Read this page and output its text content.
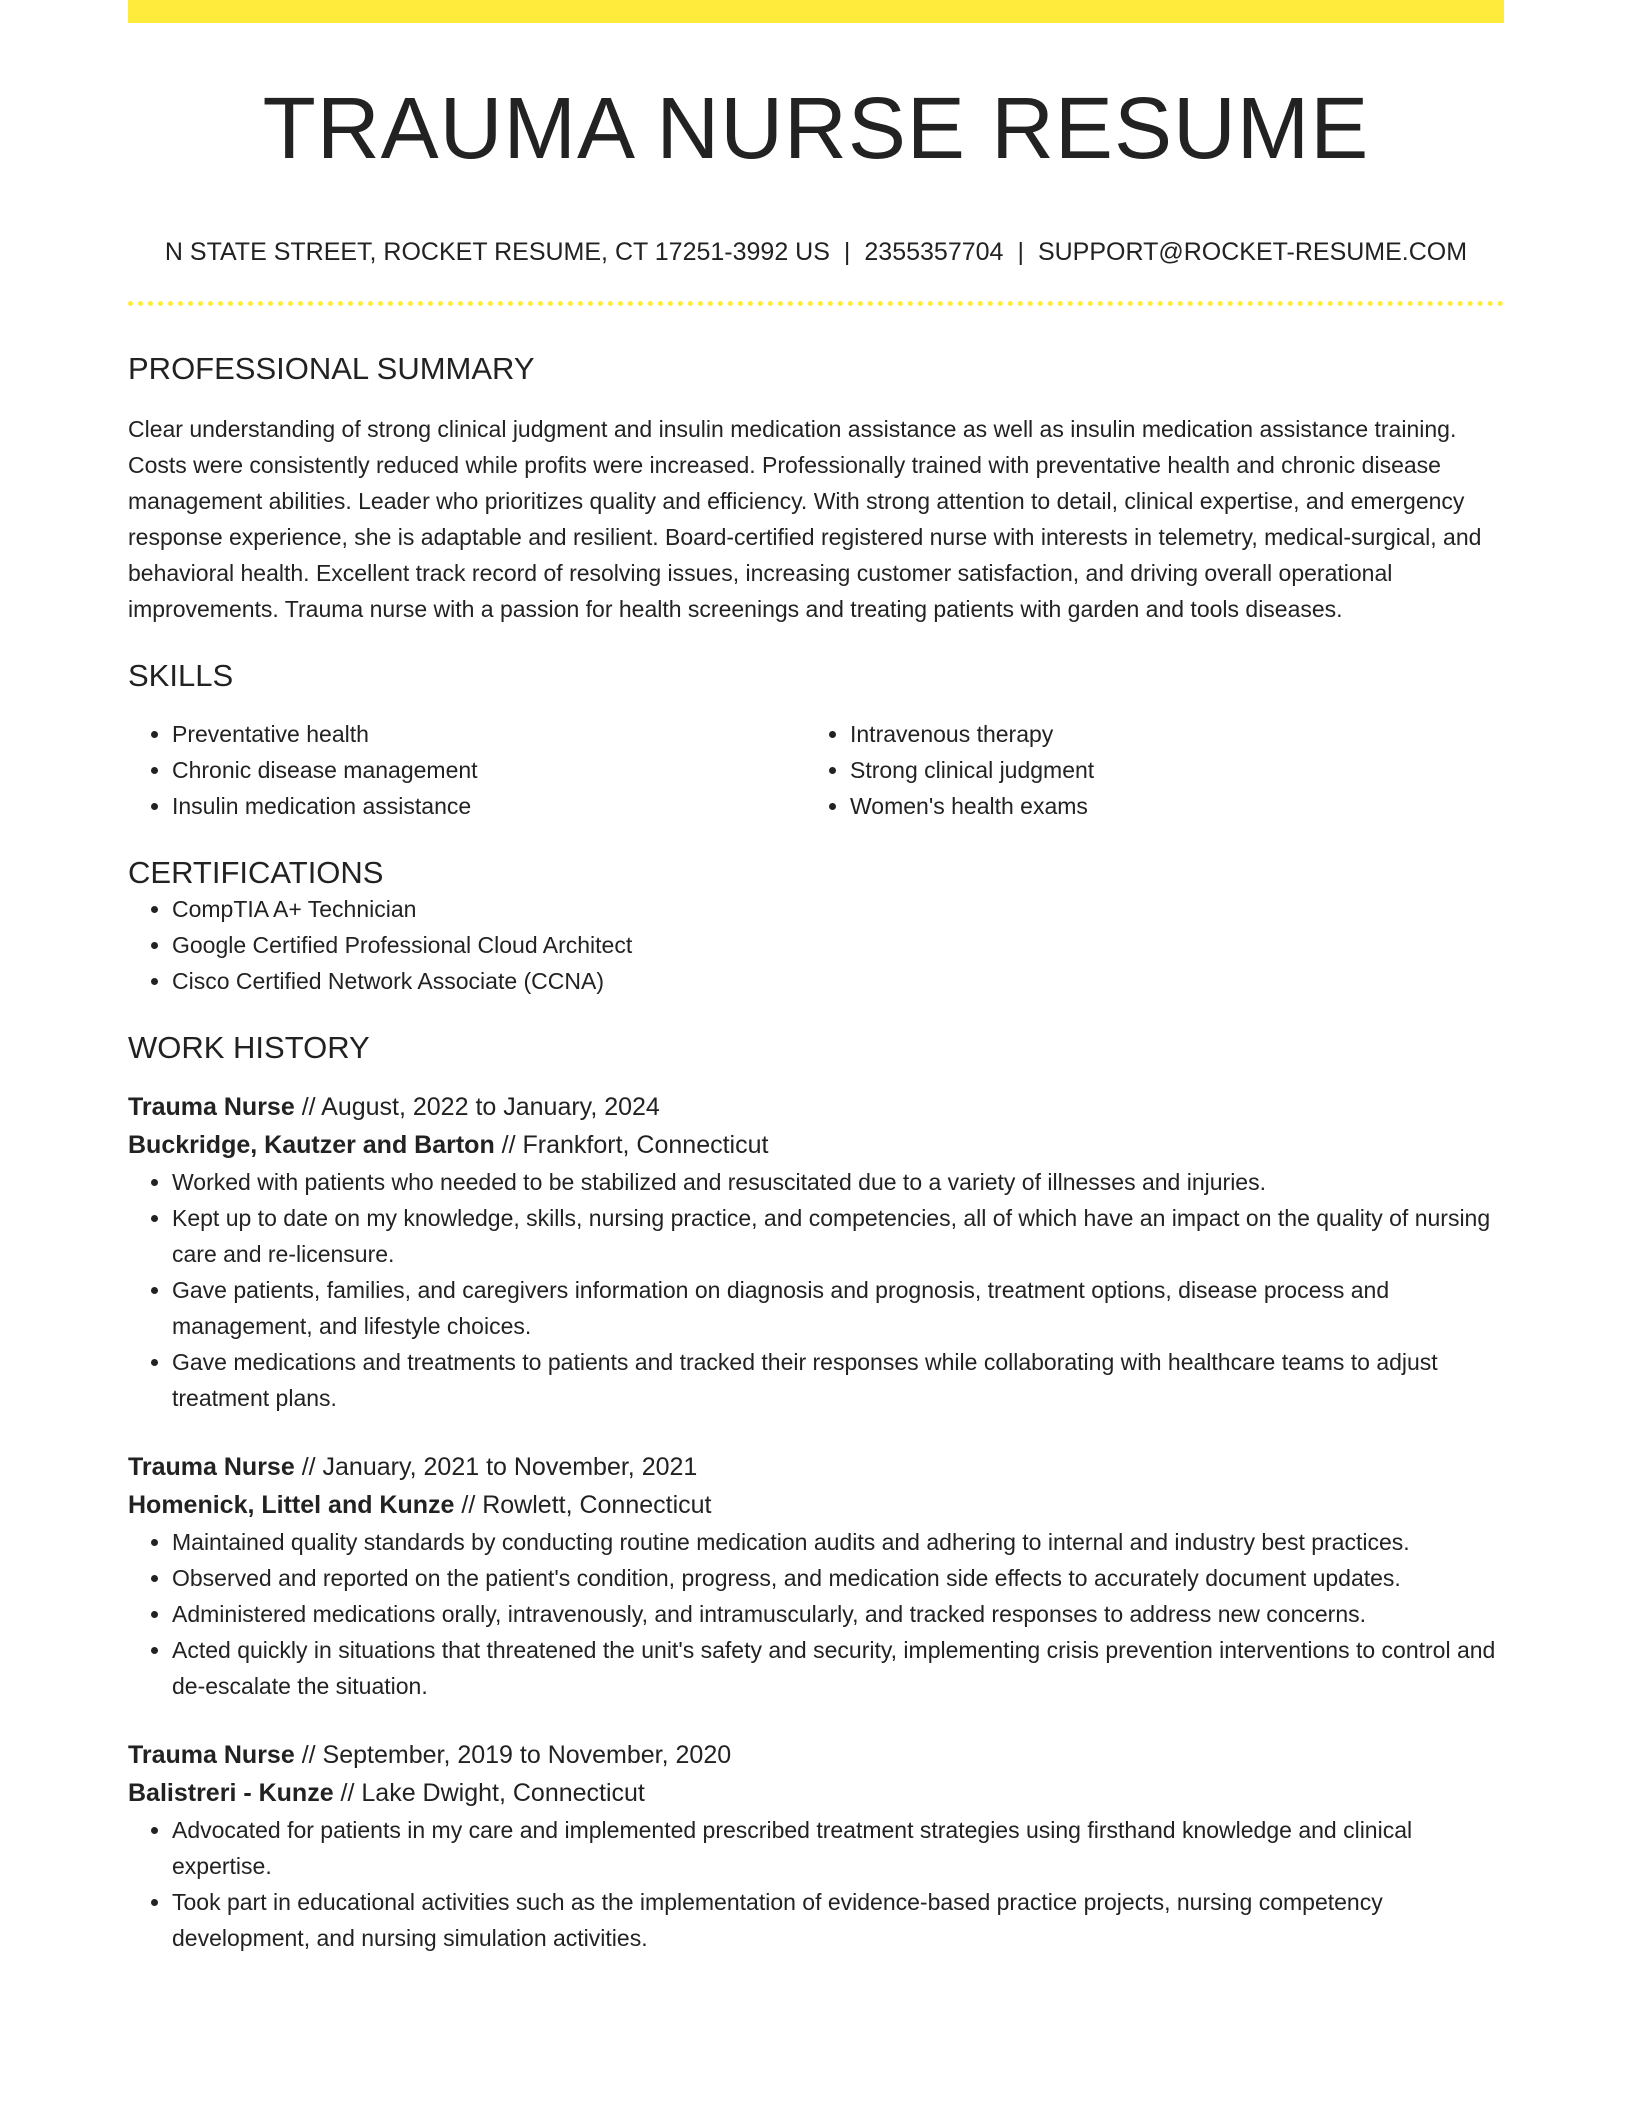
TRAUMA NURSE RESUME
N STATE STREET, ROCKET RESUME, CT 17251-3992 US | 2355357704 | SUPPORT@ROCKET-RESUME.COM
PROFESSIONAL SUMMARY

Clear understanding of strong clinical judgment and insulin medication assistance as well as insulin medication assistance training. Costs were consistently reduced while profits were increased. Professionally trained with preventative health and chronic disease management abilities. Leader who prioritizes quality and efficiency. With strong attention to detail, clinical expertise, and emergency response experience, she is adaptable and resilient. Board-certified registered nurse with interests in telemetry, medical-surgical, and behavioral health. Excellent track record of resolving issues, increasing customer satisfaction, and driving overall operational improvements. Trauma nurse with a passion for health screenings and treating patients with garden and tools diseases.

SKILLS
• Preventative health
• Chronic disease management
• Insulin medication assistance
• Intravenous therapy
• Strong clinical judgment
• Women's health exams
CERTIFICATIONS
• CompTIA A+ Technician
• Google Certified Professional Cloud Architect
• Cisco Certified Network Associate (CCNA)
WORK HISTORY

Trauma Nurse // August, 2022 to January, 2024

Buckridge, Kautzer and Barton // Frankfort, Connecticut

• Worked with patients who needed to be stabilized and resuscitated due to a variety of illnesses and injuries.
• Kept up to date on my knowledge, skills, nursing practice, and competencies, all of which have an impact on the quality of nursing care and re-licensure.
• Gave patients, families, and caregivers information on diagnosis and prognosis, treatment options, disease process and management, and lifestyle choices.
• Gave medications and treatments to patients and tracked their responses while collaborating with healthcare teams to adjust treatment plans.

Trauma Nurse // January, 2021 to November, 2021

Homenick, Littel and Kunze // Rowlett, Connecticut

• Maintained quality standards by conducting routine medication audits and adhering to internal and industry best practices.
• Observed and reported on the patient's condition, progress, and medication side effects to accurately document updates.
• Administered medications orally, intravenously, and intramuscularly, and tracked responses to address new concerns.
• Acted quickly in situations that threatened the unit's safety and security, implementing crisis prevention interventions to control and de-escalate the situation.

Trauma Nurse // September, 2019 to November, 2020

Balistreri - Kunze // Lake Dwight, Connecticut

• Advocated for patients in my care and implemented prescribed treatment strategies using firsthand knowledge and clinical expertise.
• Took part in educational activities such as the implementation of evidence-based practice projects, nursing competency development, and nursing simulation activities.
